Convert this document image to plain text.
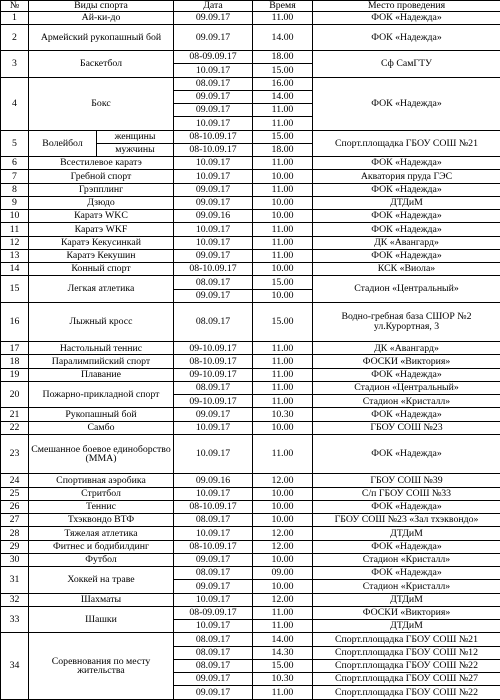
№	Виды спорта		Дата	Время	Место проведения
1	Ай-ки-до		09.09.17	11.00	ФОК «Надежда»
2	Армейский рукопашный бой		09.09.17	14.00	ФОК «Надежда»
3	Баскетбол		08-09.09.17	18.00	Сф СамГТУ
			10.09.17	15.00	
4	Бокс		08.09.17	16.00	ФОК «Надежда»
			09.09.17	14.00	
			09.09.17	11.00	
			10.09.17	11.00	
5	Волейбол	женщины	08-10.09.17	15.00	Спорт.площадка ГБОУ СОШ №21
		мужчины	08-10.09.17	18.00	
6	Всестилевое каратэ		10.09.17	11.00	ФОК «Надежда»
7	Гребной спорт		10.09.17	10.00	Акватория пруда ГЭС
8	Грэпплинг		09.09.17	11.00	ФОК «Надежда»
9	Дзюдо		09.09.17	10.00	ДТДиМ
10	Каратэ WKC		09.09.16	10.00	ФОК «Надежда»
11	Каратэ WKF		10.09.17	11.00	ФОК «Надежда»
12	Каратэ Кекусинкай		10.09.17	11.00	ДК «Авангард»
13	Каратэ Кекушин		09.09.17	11.00	ФОК «Надежда»
14	Конный спорт		08-10.09.17	10.00	КСК «Виола»
15	Легкая атлетика		08.09.17	15.00	Стадион «Центральный»
			09.09.17	10.00	
16	Лыжный кросс		08.09.17	15.00	Водно-гребная база СШОР №2 ул.Курортная, 3
17	Настольный теннис		09-10.09.17	11.00	ДК «Авангард»
18	Паралимпийский спорт		08-10.09.17	11.00	ФОСКИ «Виктория»
19	Плавание		09-10.09.17	11.00	ФОК «Надежда»
20	Пожарно-прикладной спорт		08.09.17	11.00	Стадион «Центральный»
			09-10.09.17	11.00	Стадион «Кристалл»
21	Рукопашный бой		09.09.17	10.30	ФОК «Надежда»
22	Самбо		10.09.17	10.00	ГБОУ СОШ №23
23	Смешанное боевое единоборство (ММА)		10.09.17	11.00	ФОК «Надежда»
24	Спортивная аэробика		09.09.16	12.00	ГБОУ СОШ №39
25	Стритбол		10.09.17	10.00	С/п ГБОУ СОШ №33
26	Теннис		08-10.09.17	10.00	ФОК «Надежда»
27	Тхэквондо ВТФ		08.09.17	10.00	ГБОУ СОШ №23 «Зал тхэквондо»
28	Тяжелая атлетика		10.09.17	12.00	ДТДиМ
29	Фитнес и бодибилдинг		08-10.09.17	12.00	ФОК «Надежда»
30	Футбол		09.09.17	10.00	Стадион «Кристалл»
31	Хоккей на траве		08.09.17	09.00	ФОК «Надежда»
			09.09.17	10.00	Стадион «Кристалл»
32	Шахматы		10.09.17	12.00	ДТДиМ
33	Шашки		08-09.09.17	11.00	ФОСКИ «Виктория»
			10.09.17	11.00	ДТДиМ
34	Соревнования по месту жительства		08.09.17	14.00	Спорт.площадка ГБОУ СОШ №21
			08.09.17	14.30	Спорт.площадка ГБОУ СОШ №12
			08.09.17	15.00	Спорт.площадка ГБОУ СОШ №22
			09.09.17	10.30	Спорт.площадка ГБОУ СОШ №27
			09.09.17	11.00	Спорт.площадка ГБОУ СОШ №22
